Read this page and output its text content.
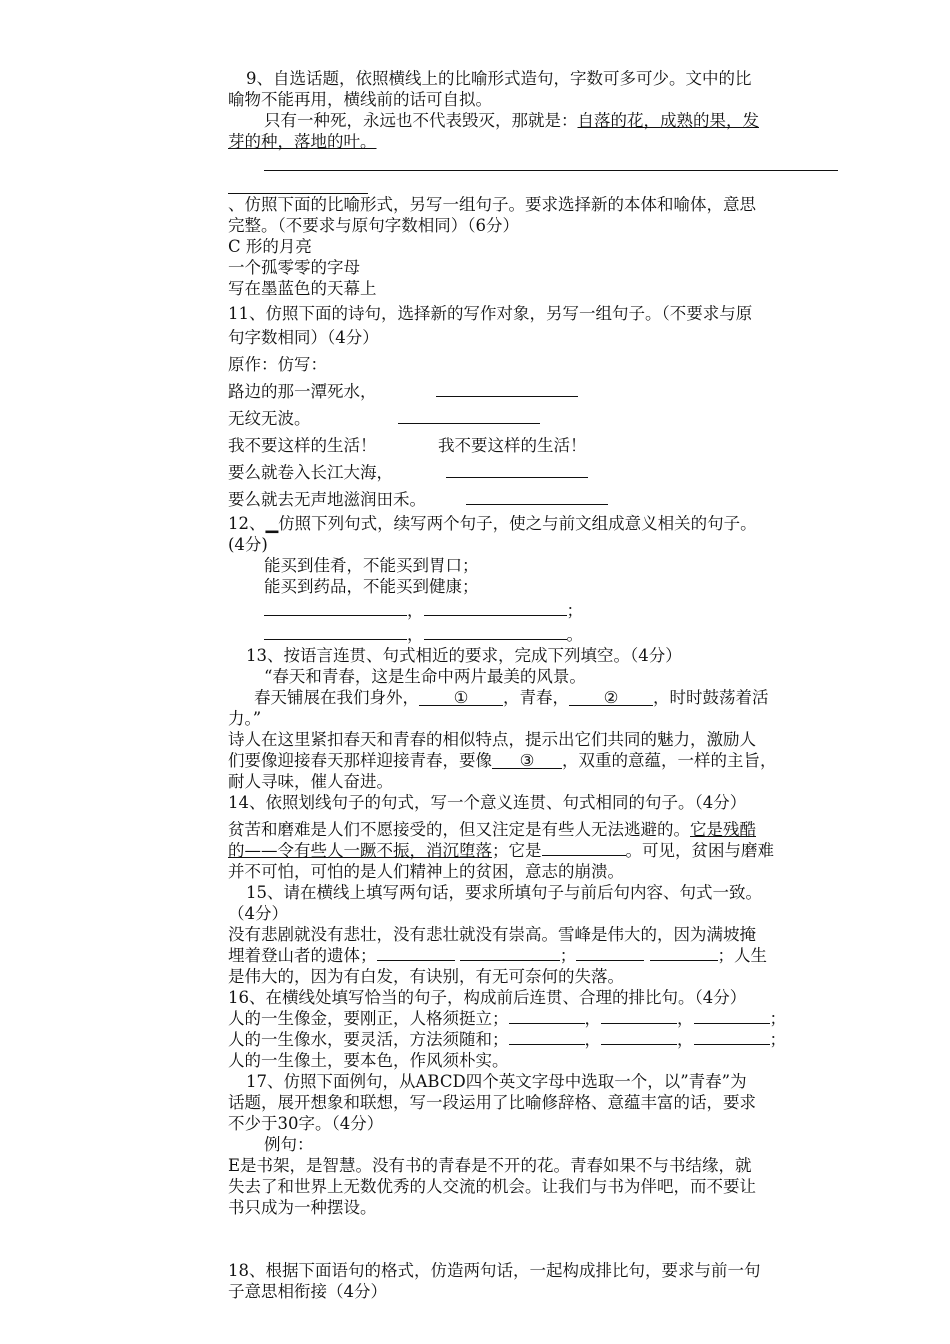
9、自选话题，依照横线上的比喻形式造句，字数可多可少。文中的比

喻物不能再用，横线前的话可自拟。

只有一种死，永远也不代表毁灭，那就是：自落的花，成熟的果，发

芽的种，落地的叶。

、仿照下面的比喻形式，另写一组句子。要求选择新的本体和喻体，意思

完整。（不要求与原句字数相同）（6分）

C 形的月亮

一个孤零零的字母

写在墨蓝色的天幕上

11、仿照下面的诗句，选择新的写作对象，另写一组句子。（不要求与原

句字数相同）（4分）

原作：仿写：

路边的那一潭死水，

无纹无波。

我不要这样的生活！	我不要这样的生活！

要么就卷入长江大海，

要么就去无声地滋润田禾。

12、▁仿照下列句式，续写两个句子，使之与前文组成意义相关的句子。

(4分)

能买到佳肴，不能买到胃口；

能买到药品，不能买到健康；

，	；

，	。

13、按语言连贯、句式相近的要求，完成下列填空。（4分）

“春天和青春，这是生命中两片最美的风景。

春天铺展在我们身外， ① ，青春， ② ，时时鼓荡着活

力。”

诗人在这里紧扣春天和青春的相似特点，提示出它们共同的魅力，激励人

们要像迎接春天那样迎接青春，要像 ③ ，双重的意蕴，一样的主旨，

耐人寻味，催人奋进。

14、依照划线句子的句式，写一个意义连贯、句式相同的句子。（4分）

贫苦和磨难是人们不愿接受的，但又注定是有些人无法逃避的。它是残酷

的——令有些人一蹶不振，消沉堕落；它是	。可见，贫困与磨难

并不可怕，可怕的是人们精神上的贫困，意志的崩溃。

15、请在横线上填写两句话，要求所填句子与前后句内容、句式一致。

（4分）

没有悲剧就没有悲壮，没有悲壮就没有崇高。雪峰是伟大的，因为满坡掩

埋着登山者的遗体；	；	；人生

是伟大的，因为有白发，有诀别，有无可奈何的失落。

16、在横线处填写恰当的句子，构成前后连贯、合理的排比句。（4分）

人的一生像金，要刚正，人格须挺立；	，	，	；

人的一生像水，要灵活，方法须随和；	，	，	；

人的一生像土，要本色，作风须朴实。

17、仿照下面例句，从ABCD四个英文字母中选取一个，以”青春”为

话题，展开想象和联想，写一段运用了比喻修辞格、意蕴丰富的话，要求

不少于30字。（4分）

例句：

E是书架，是智慧。没有书的青春是不开的花。青春如果不与书结缘，就

失去了和世界上无数优秀的人交流的机会。让我们与书为伴吧，而不要让

书只成为一种摆设。

18、根据下面语句的格式，仿造两句话，一起构成排比句，要求与前一句

子意思相衔接（4分）
